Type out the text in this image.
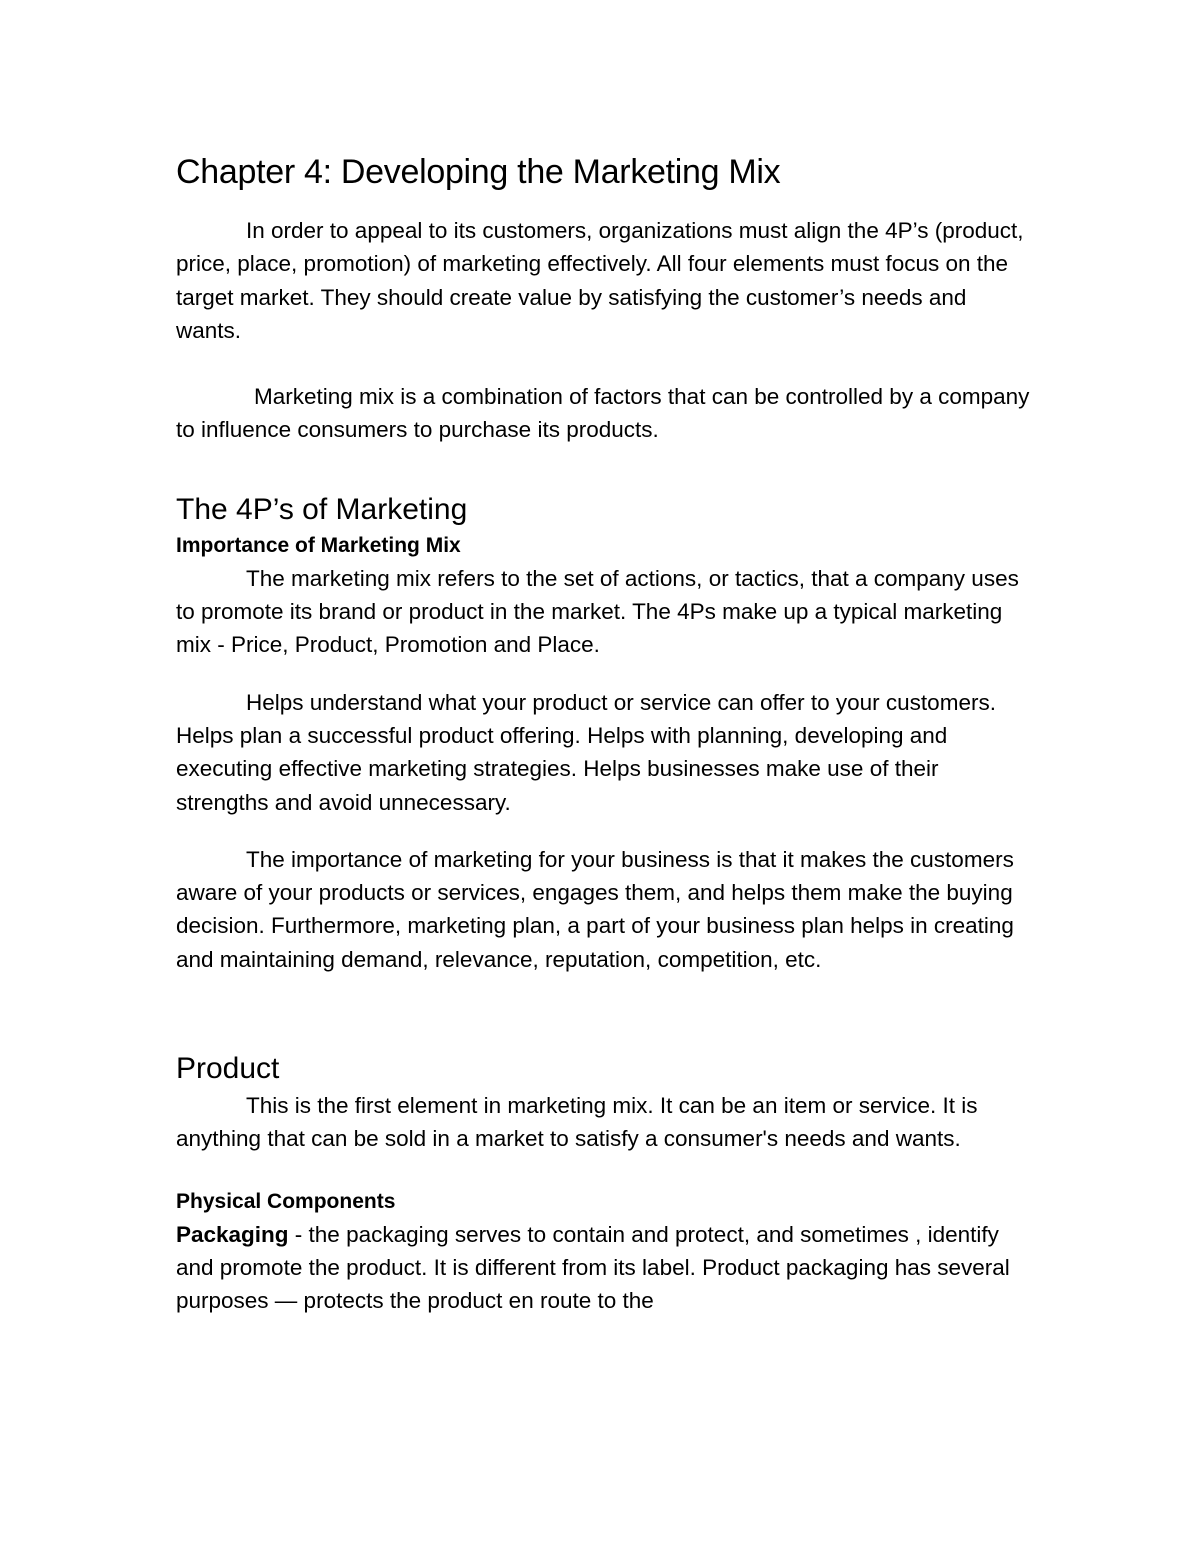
Chapter 4: Developing the Marketing Mix

In order to appeal to its customers, organizations must align the 4P’s (product, price, place, promotion) of marketing effectively. All four elements must focus on the target market. They should create value by satisfying the customer’s needs and wants.

Marketing mix is a combination of factors that can be controlled by a company to influence consumers to purchase its products.

The 4P’s of Marketing
Importance of Marketing Mix

The marketing mix refers to the set of actions, or tactics, that a company uses to promote its brand or product in the market. The 4Ps make up a typical marketing mix - Price, Product, Promotion and Place.

Helps understand what your product or service can offer to your customers. Helps plan a successful product offering. Helps with planning, developing and executing effective marketing strategies. Helps businesses make use of their strengths and avoid unnecessary.

The importance of marketing for your business is that it makes the customers aware of your products or services, engages them, and helps them make the buying decision. Furthermore, marketing plan, a part of your business plan helps in creating and maintaining demand, relevance, reputation, competition, etc.

Product

This is the first element in marketing mix. It can be an item or service. It is anything that can be sold in a market to satisfy a consumer's needs and wants.

Physical Components

Packaging - the packaging serves to contain and protect, and sometimes , identify and promote the product. It is different from its label. Product packaging has several purposes — protects the product en route to the
